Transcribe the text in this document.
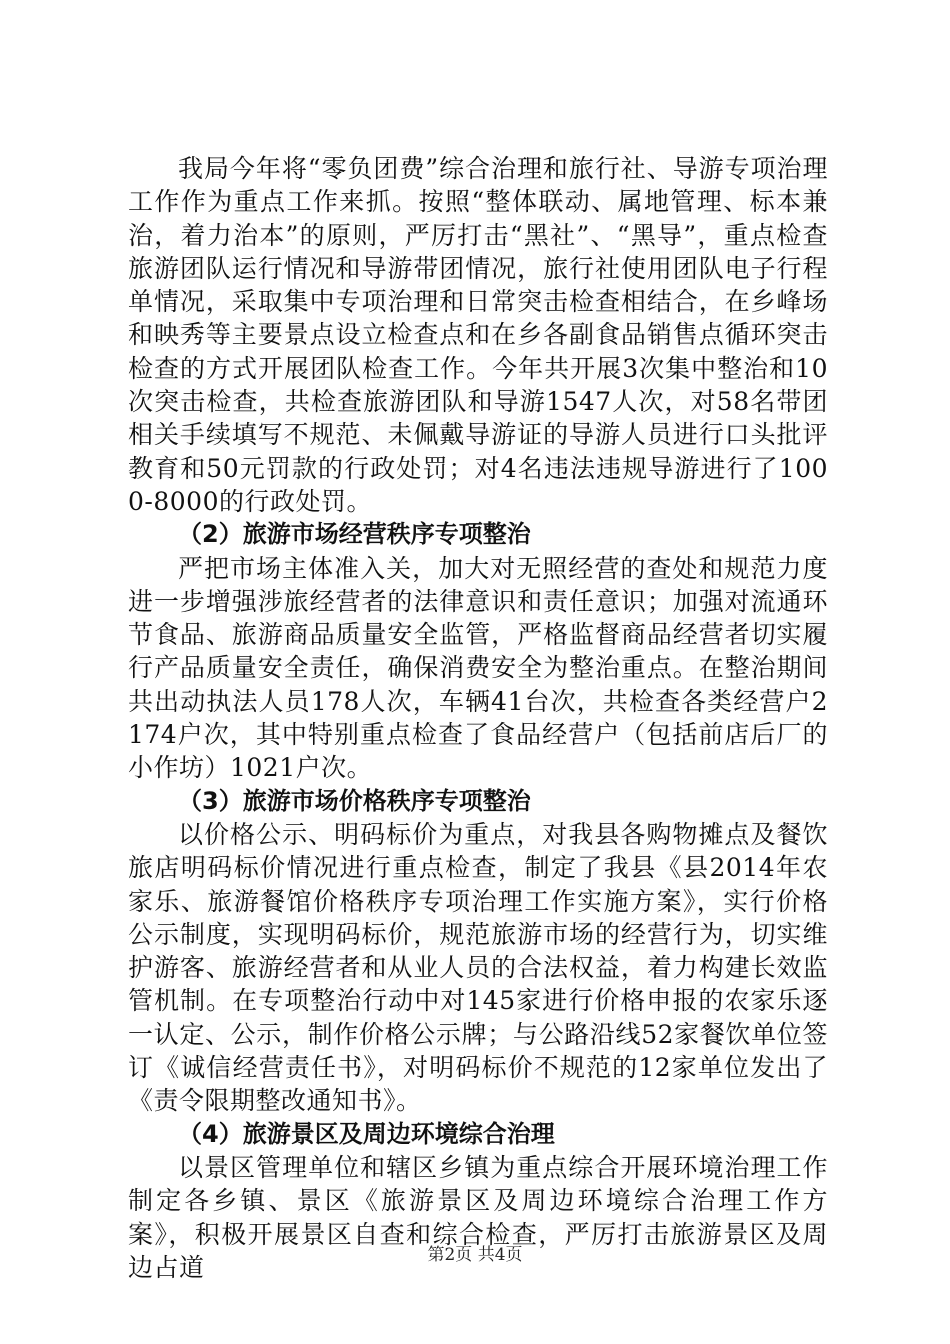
我局今年将“零负团费”综合治理和旅行社、导游专项治理工作作为重点工作来抓。按照“整体联动、属地管理、标本兼治，着力治本”的原则，严厉打击“黑社”、“黑导”，重点检查旅游团队运行情况和导游带团情况，旅行社使用团队电子行程单情况，采取集中专项治理和日常突击检查相结合，在乡峰场和映秀等主要景点设立检查点和在乡各副食品销售点循环突击检查的方式开展团队检查工作。今年共开展3次集中整治和10次突击检查，共检查旅游团队和导游1547人次，对58名带团相关手续填写不规范、未佩戴导游证的导游人员进行口头批评教育和50元罚款的行政处罚；对4名违法违规导游进行了1000-8000的行政处罚。

（2）旅游市场经营秩序专项整治

严把市场主体准入关，加大对无照经营的查处和规范力度进一步增强涉旅经营者的法律意识和责任意识；加强对流通环节食品、旅游商品质量安全监管，严格监督商品经营者切实履行产品质量安全责任，确保消费安全为整治重点。在整治期间共出动执法人员178人次，车辆41台次，共检查各类经营户2174户次，其中特别重点检查了食品经营户（包括前店后厂的小作坊）1021户次。

（3）旅游市场价格秩序专项整治

以价格公示、明码标价为重点，对我县各购物摊点及餐饮旅店明码标价情况进行重点检查，制定了我县《县2014年农家乐、旅游餐馆价格秩序专项治理工作实施方案》，实行价格公示制度，实现明码标价，规范旅游市场的经营行为，切实维护游客、旅游经营者和从业人员的合法权益，着力构建长效监管机制。在专项整治行动中对145家进行价格申报的农家乐逐一认定、公示，制作价格公示牌；与公路沿线52家餐饮单位签订《诚信经营责任书》，对明码标价不规范的12家单位发出了《责令限期整改通知书》。

（4）旅游景区及周边环境综合治理

以景区管理单位和辖区乡镇为重点综合开展环境治理工作制定各乡镇、景区《旅游景区及周边环境综合治理工作方案》，积极开展景区自查和综合检查，严厉打击旅游景区及周边占道	第2页 共4页
